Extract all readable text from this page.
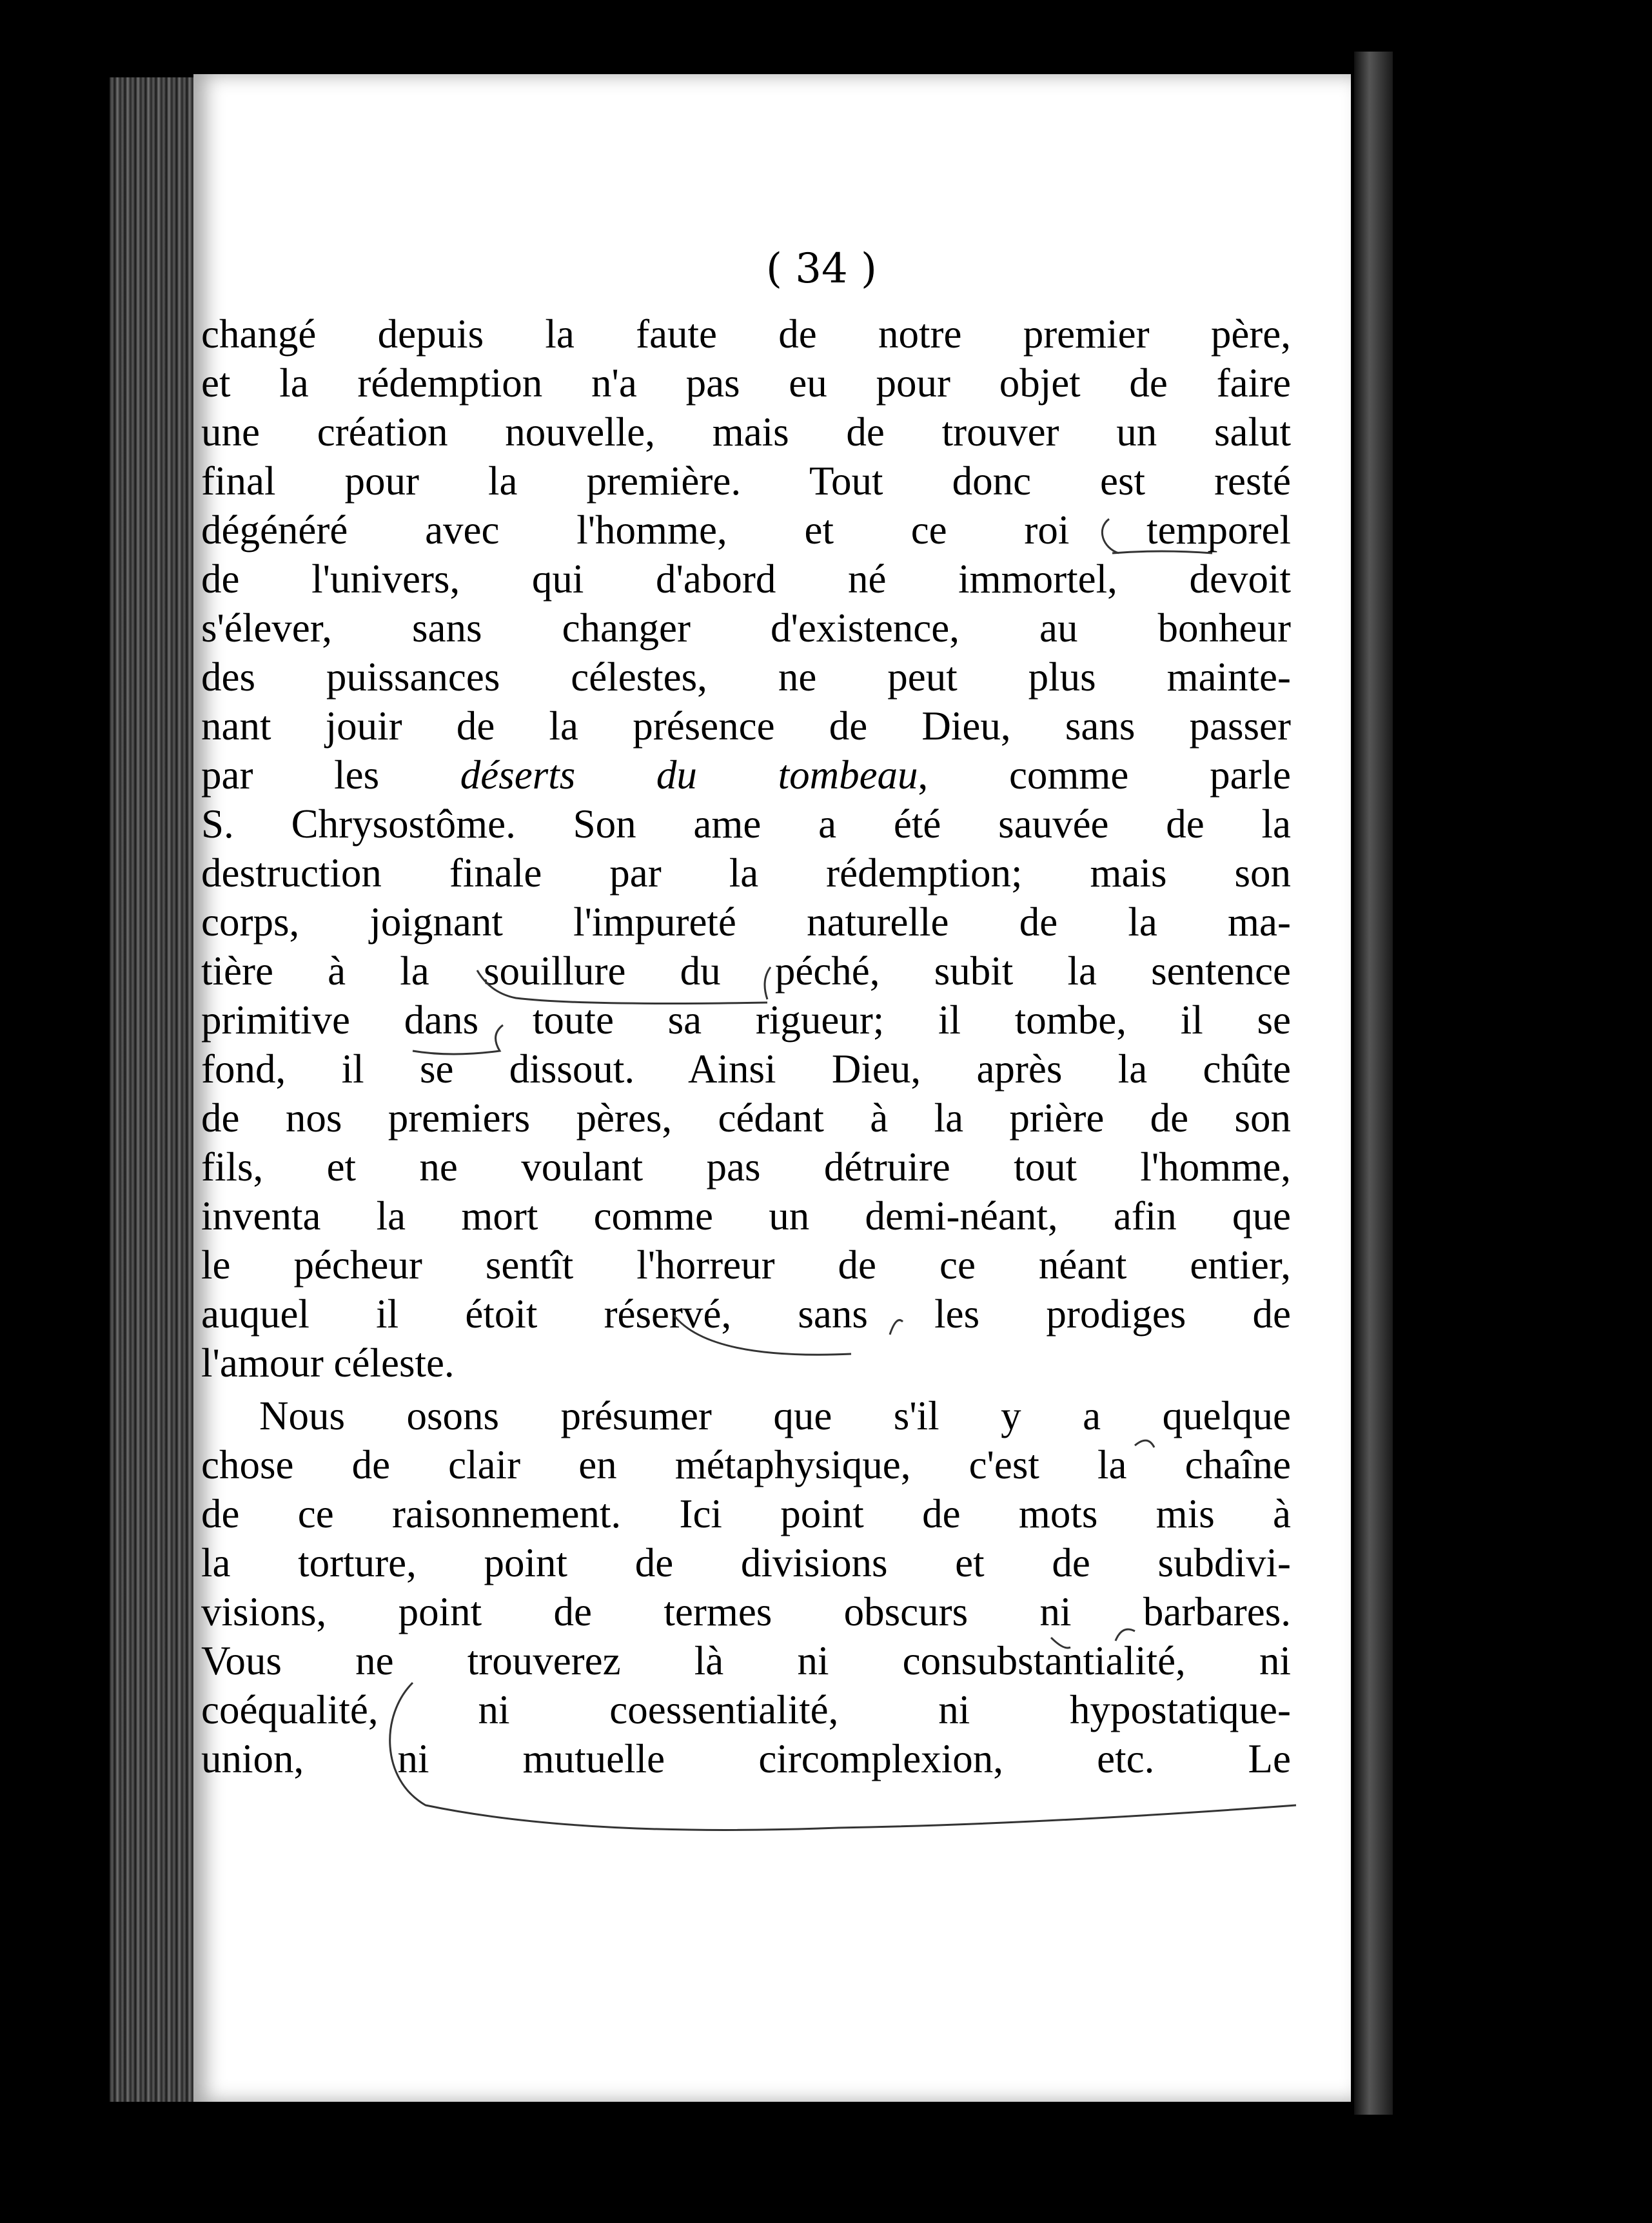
chr
cho
vou
été
de l
doc
dan
mai
secr
fabl
tinu
extr
cara
Il n
J. C
enco
leur
prin
voir
espé
exen
de c
oblig
l'inst
gion
l'ont
au-de
forte
Au
qui f

( 34 )

changé depuis la faute de notre premier père,
et la rédemption n'a pas eu pour objet de faire
une création nouvelle, mais de trouver un salut
final pour la première. Tout donc est resté
dégénéré avec l'homme, et ce roi temporel
de l'univers, qui d'abord né immortel, devoit
s'élever, sans changer d'existence, au bonheur
des puissances célestes, ne peut plus mainte-
nant jouir de la présence de Dieu, sans passer
par les déserts du tombeau, comme parle
S. Chrysostôme. Son ame a été sauvée de la
destruction finale par la rédemption; mais son
corps, joignant l'impureté naturelle de la ma-
tière à la souillure du péché, subit la sentence
primitive dans toute sa rigueur; il tombe, il se
fond, il se dissout. Ainsi Dieu, après la chûte
de nos premiers pères, cédant à la prière de son
fils, et ne voulant pas détruire tout l'homme,
inventa la mort comme un demi-néant, afin que
le pécheur sentît l'horreur de ce néant entier,
auquel il étoit réservé, sans les prodiges de
l'amour céleste.
Nous osons présumer que s'il y a quelque
chose de clair en métaphysique, c'est la chaîne
de ce raisonnement. Ici point de mots mis à
la torture, point de divisions et de subdivi-
visions, point de termes obscurs ni barbares.
Vous ne trouverez là ni consubstantialité, ni
coéqualité, ni coessentialité, ni hypostatique-
union, ni mutuelle circomplexion, etc. Le
